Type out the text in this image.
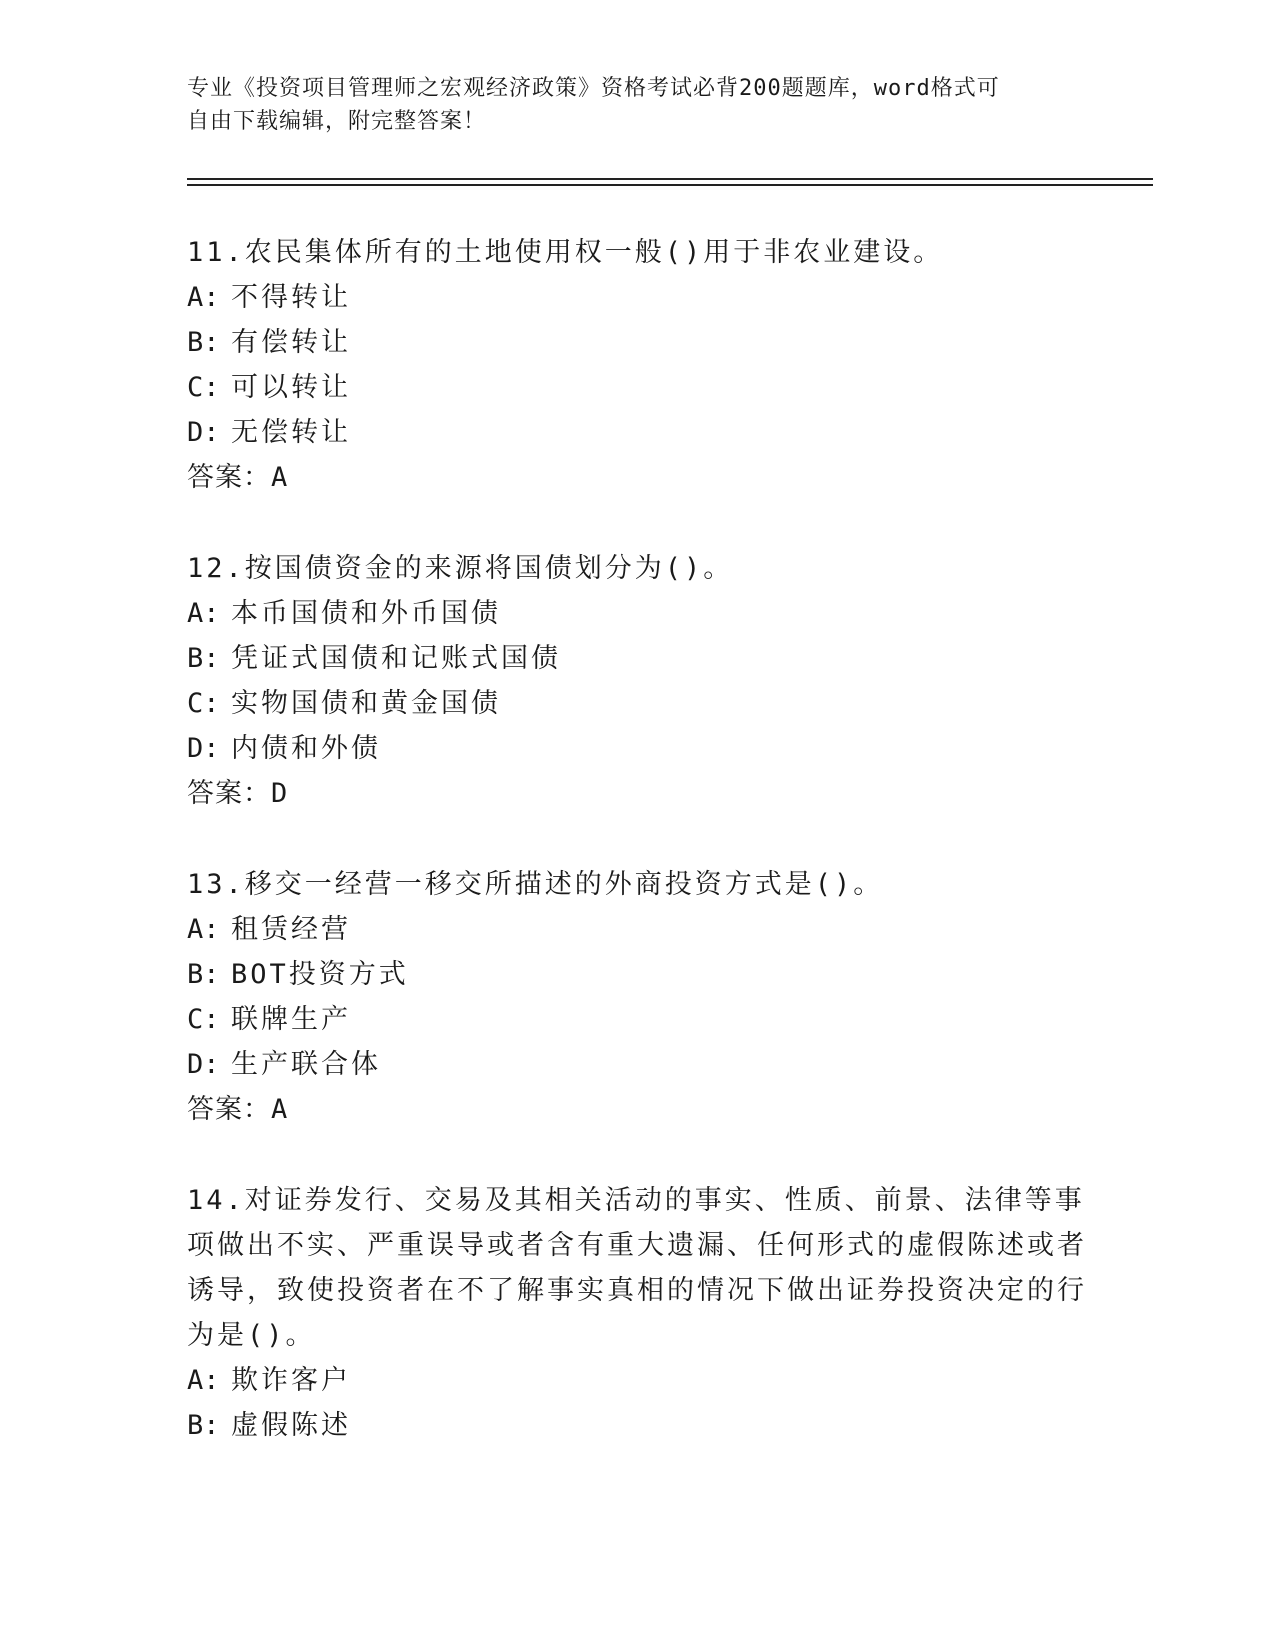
专业《投资项目管理师之宏观经济政策》资格考试必背200题题库，word格式可
自由下载编辑，附完整答案！
11.农民集体所有的土地使用权一般()用于非农业建设。
A: 不得转让
B: 有偿转让
C: 可以转让
D: 无偿转让
答案：A
12.按国债资金的来源将国债划分为()。
A: 本币国债和外币国债
B: 凭证式国债和记账式国债
C: 实物国债和黄金国债
D: 内债和外债
答案：D
13.移交一经营一移交所描述的外商投资方式是()。
A: 租赁经营
B: BOT投资方式
C: 联牌生产
D: 生产联合体
答案：A
14.对证券发行、交易及其相关活动的事实、性质、前景、法律等事项做出不实、严重误导或者含有重大遗漏、任何形式的虚假陈述或者诱导，致使投资者在不了解事实真相的情况下做出证券投资决定的行为是()。
A: 欺诈客户
B: 虚假陈述
